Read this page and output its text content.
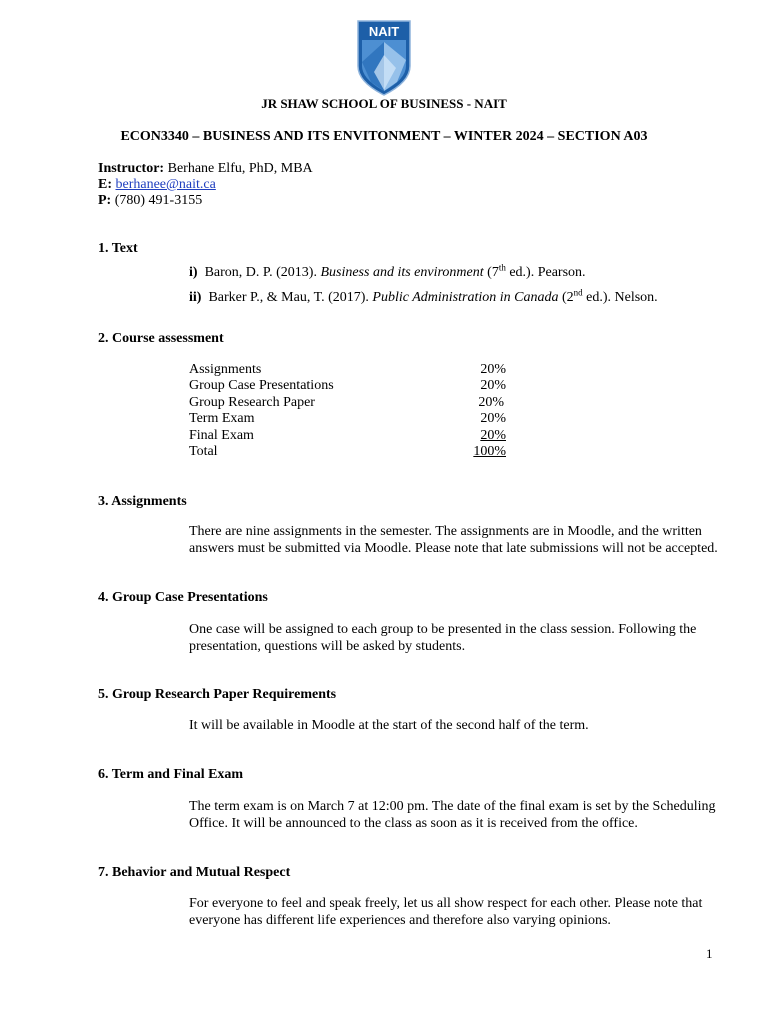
NAIT
JR SHAW SCHOOL OF BUSINESS - NAIT
ECON3340 – BUSINESS AND ITS ENVITONMENT – WINTER 2024 – SECTION A03
Instructor: Berhane Elfu, PhD, MBA
E: berhanee@nait.ca
P: (780) 491-3155
1. Text
i) Baron, D. P. (2013). Business and its environment (7th ed.). Pearson.
ii) Barker P., & Mau, T. (2017). Public Administration in Canada (2nd ed.). Nelson.
2. Course assessment
Assignments	20%
Group Case Presentations	20%
Group Research Paper	20%
Term Exam	20%
Final Exam	20%
Total	100%
3. Assignments
There are nine assignments in the semester. The assignments are in Moodle, and the written answers must be submitted via Moodle. Please note that late submissions will not be accepted.
4. Group Case Presentations
One case will be assigned to each group to be presented in the class session. Following the presentation, questions will be asked by students.
5. Group Research Paper Requirements
It will be available in Moodle at the start of the second half of the term.
6. Term and Final Exam
The term exam is on March 7 at 12:00 pm. The date of the final exam is set by the Scheduling Office. It will be announced to the class as soon as it is received from the office.
7. Behavior and Mutual Respect
For everyone to feel and speak freely, let us all show respect for each other. Please note that everyone has different life experiences and therefore also varying opinions.
1
